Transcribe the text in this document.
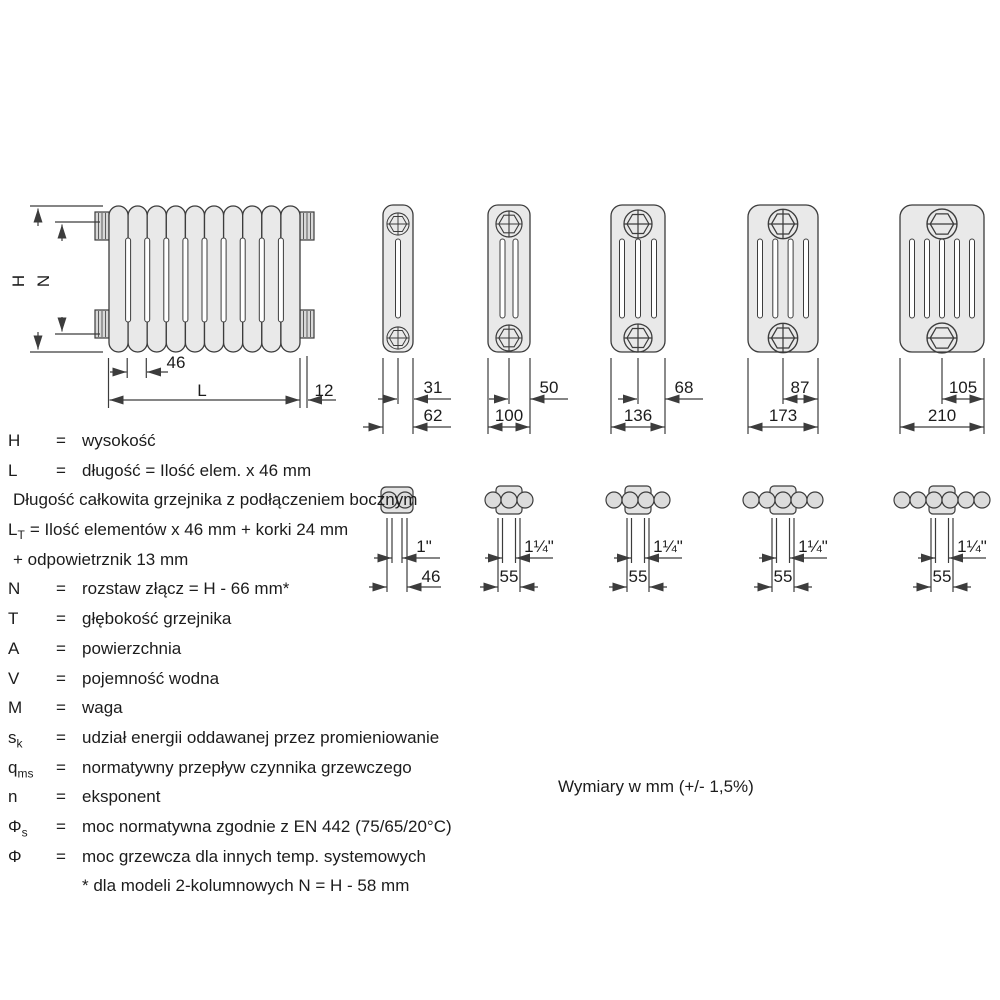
H N
46
L	12	31
62
50
100
68
136
87
173
105
210
1"
46
1¼"
55
1¼"
55
1¼"
55
1¼"
55
H	= wysokość
L	= długość = Ilość elem. x 46 mm
Długość całkowita grzejnika z podłączeniem bocznym
$L_T$ = Ilość elementów x 46 mm + korki 24 mm
+ odpowietrznik 13 mm
N	= rozstaw złącz = H - 66 mm*
T	= głębokość grzejnika
A	= powierzchnia
V	= pojemność wodna
M	= waga
$s_k$	= udział energii oddawanej przez promieniowanie
$q_{ms}$	= normatywny przepływ czynnika grzewczego
n	= eksponent
$\Phi_s$	= moc normatywna zgodnie z EN 442 (75/65/20°C)
Φ	= moc grzewcza dla innych temp. systemowych
* dla modeli 2-kolumnowych N = H - 58 mm
Wymiary w mm (+/- 1,5%)
